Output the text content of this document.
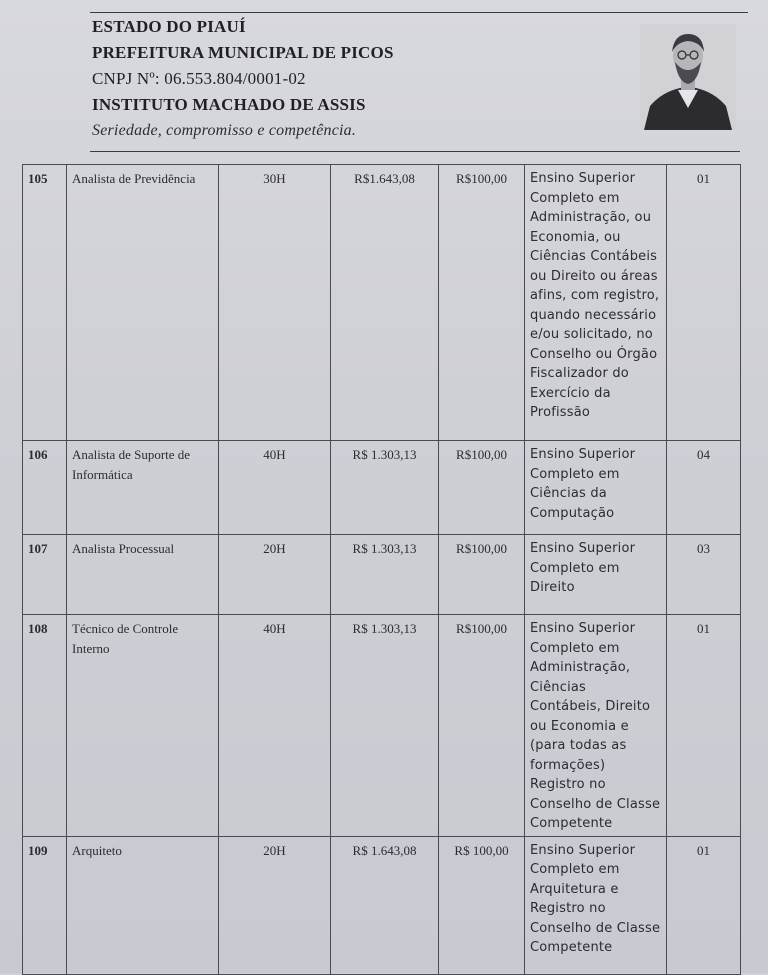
ESTADO DO PIAUÍ
PREFEITURA MUNICIPAL DE PICOS
CNPJ Nº: 06.553.804/0001-02
INSTITUTO MACHADO DE ASSIS
Seriedade, compromisso e competência.
105	Analista de Previdência	30H	R$1.643,08	R$100,00	Ensino Superior Completo em Administração, ou Economia, ou Ciências Contábeis ou Direito ou áreas afins, com registro, quando necessário e/ou solicitado, no Conselho ou Órgão Fiscalizador do Exercício da Profissão	01
106	Analista de Suporte de Informática	40H	R$ 1.303,13	R$100,00	Ensino Superior Completo em Ciências da Computação	04
107	Analista Processual	20H	R$ 1.303,13	R$100,00	Ensino Superior Completo em Direito	03
108	Técnico de Controle Interno	40H	R$ 1.303,13	R$100,00	Ensino Superior Completo em Administração, Ciências Contábeis, Direito ou Economia e (para todas as formações) Registro no Conselho de Classe Competente	01
109	Arquiteto	20H	R$ 1.643,08	R$ 100,00	Ensino Superior Completo em Arquitetura e Registro no Conselho de Classe Competente	01
